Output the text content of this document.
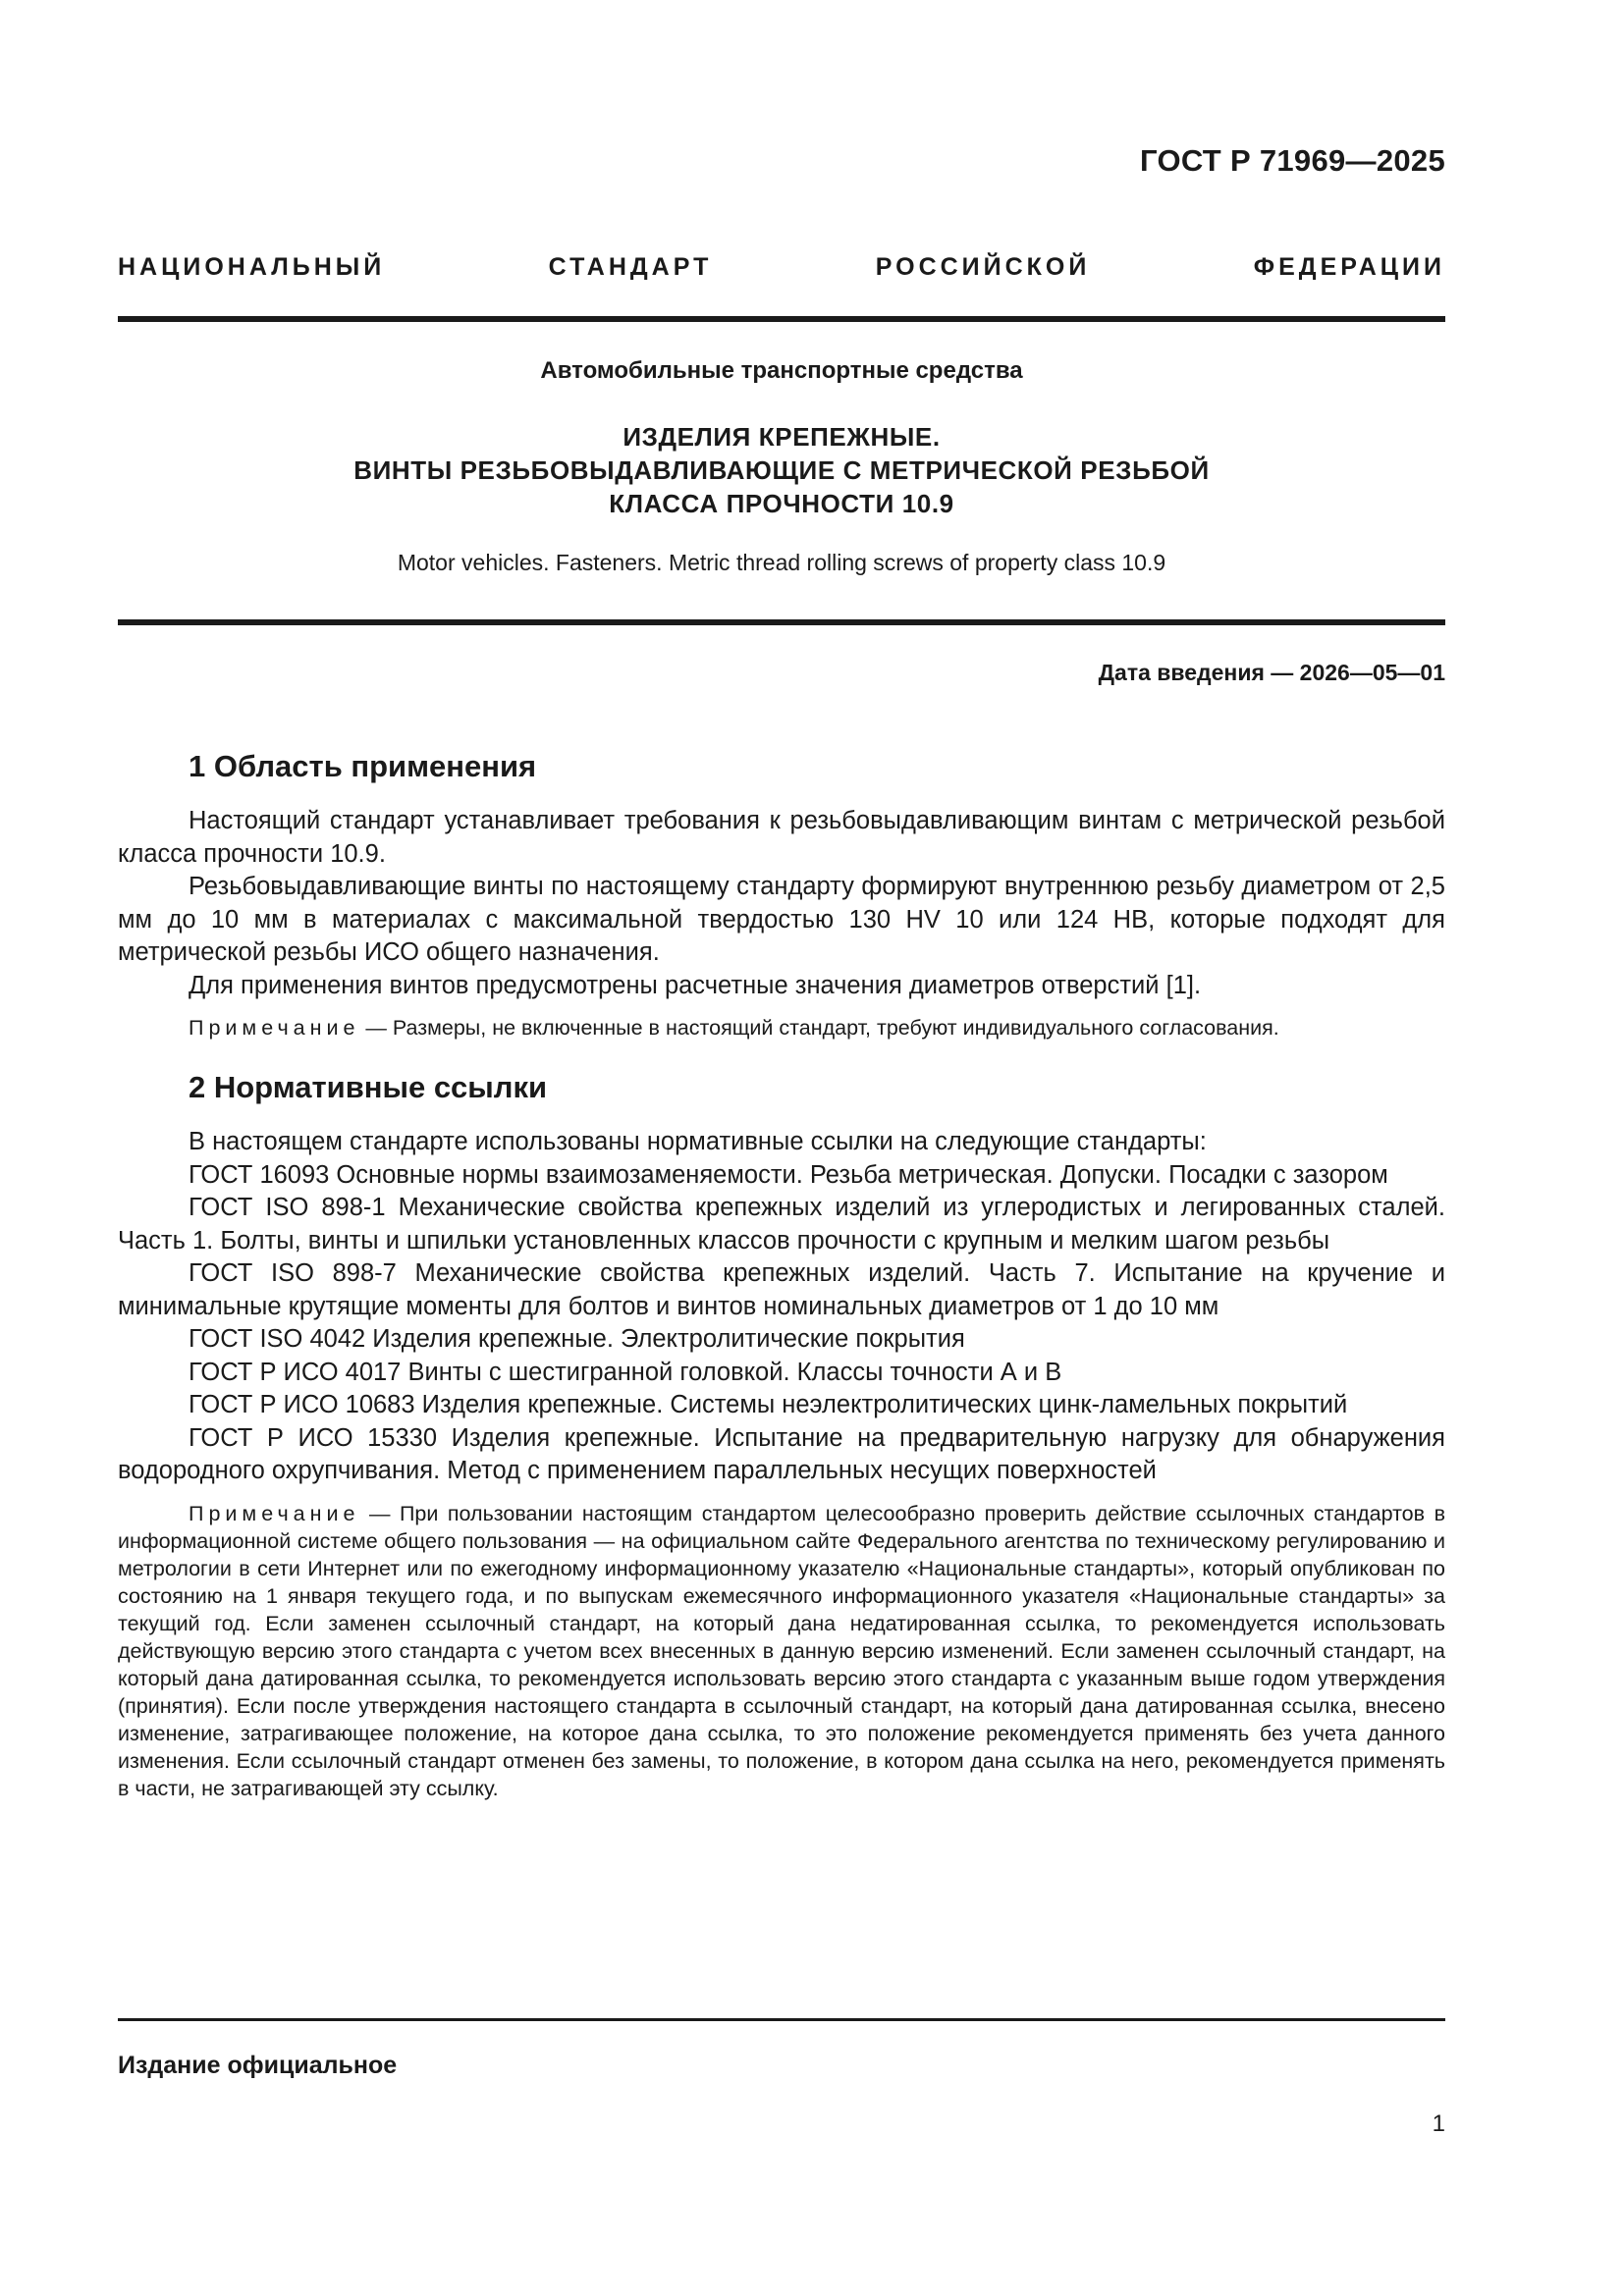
ГОСТ Р 71969—2025
НАЦИОНАЛЬНЫЙ СТАНДАРТ РОССИЙСКОЙ ФЕДЕРАЦИИ
Автомобильные транспортные средства
ИЗДЕЛИЯ КРЕПЕЖНЫЕ.
ВИНТЫ РЕЗЬБОВЫДАВЛИВАЮЩИЕ С МЕТРИЧЕСКОЙ РЕЗЬБОЙ
КЛАССА ПРОЧНОСТИ 10.9
Motor vehicles. Fasteners. Metric thread rolling screws of property class 10.9
Дата введения — 2026—05—01
1 Область применения

Настоящий стандарт устанавливает требования к резьбовыдавливающим винтам с метрической резьбой класса прочности 10.9.

Резьбовыдавливающие винты по настоящему стандарту формируют внутреннюю резьбу диаметром от 2,5 мм до 10 мм в материалах с максимальной твердостью 130 HV 10 или 124 HB, которые подходят для метрической резьбы ИСО общего назначения.

Для применения винтов предусмотрены расчетные значения диаметров отверстий [1].

Примечание — Размеры, не включенные в настоящий стандарт, требуют индивидуального согласования.

2 Нормативные ссылки

В настоящем стандарте использованы нормативные ссылки на следующие стандарты:

ГОСТ 16093 Основные нормы взаимозаменяемости. Резьба метрическая. Допуски. Посадки с зазором

ГОСТ ISO 898-1 Механические свойства крепежных изделий из углеродистых и легированных сталей. Часть 1. Болты, винты и шпильки установленных классов прочности с крупным и мелким шагом резьбы

ГОСТ ISO 898-7 Механические свойства крепежных изделий. Часть 7. Испытание на кручение и минимальные крутящие моменты для болтов и винтов номинальных диаметров от 1 до 10 мм

ГОСТ ISO 4042 Изделия крепежные. Электролитические покрытия

ГОСТ Р ИСО 4017 Винты с шестигранной головкой. Классы точности А и В

ГОСТ Р ИСО 10683 Изделия крепежные. Системы неэлектролитических цинк-ламельных покрытий

ГОСТ Р ИСО 15330 Изделия крепежные. Испытание на предварительную нагрузку для обнаружения водородного охрупчивания. Метод с применением параллельных несущих поверхностей

Примечание — При пользовании настоящим стандартом целесообразно проверить действие ссылочных стандартов в информационной системе общего пользования — на официальном сайте Федерального агентства по техническому регулированию и метрологии в сети Интернет или по ежегодному информационному указателю «Национальные стандарты», который опубликован по состоянию на 1 января текущего года, и по выпускам ежемесячного информационного указателя «Национальные стандарты» за текущий год. Если заменен ссылочный стандарт, на который дана недатированная ссылка, то рекомендуется использовать действующую версию этого стандарта с учетом всех внесенных в данную версию изменений. Если заменен ссылочный стандарт, на который дана датированная ссылка, то рекомендуется использовать версию этого стандарта с указанным выше годом утверждения (принятия). Если после утверждения настоящего стандарта в ссылочный стандарт, на который дана датированная ссылка, внесено изменение, затрагивающее положение, на которое дана ссылка, то это положение рекомендуется применять без учета данного изменения. Если ссылочный стандарт отменен без замены, то положение, в котором дана ссылка на него, рекомендуется применять в части, не затрагивающей эту ссылку.

Издание официальное
1
